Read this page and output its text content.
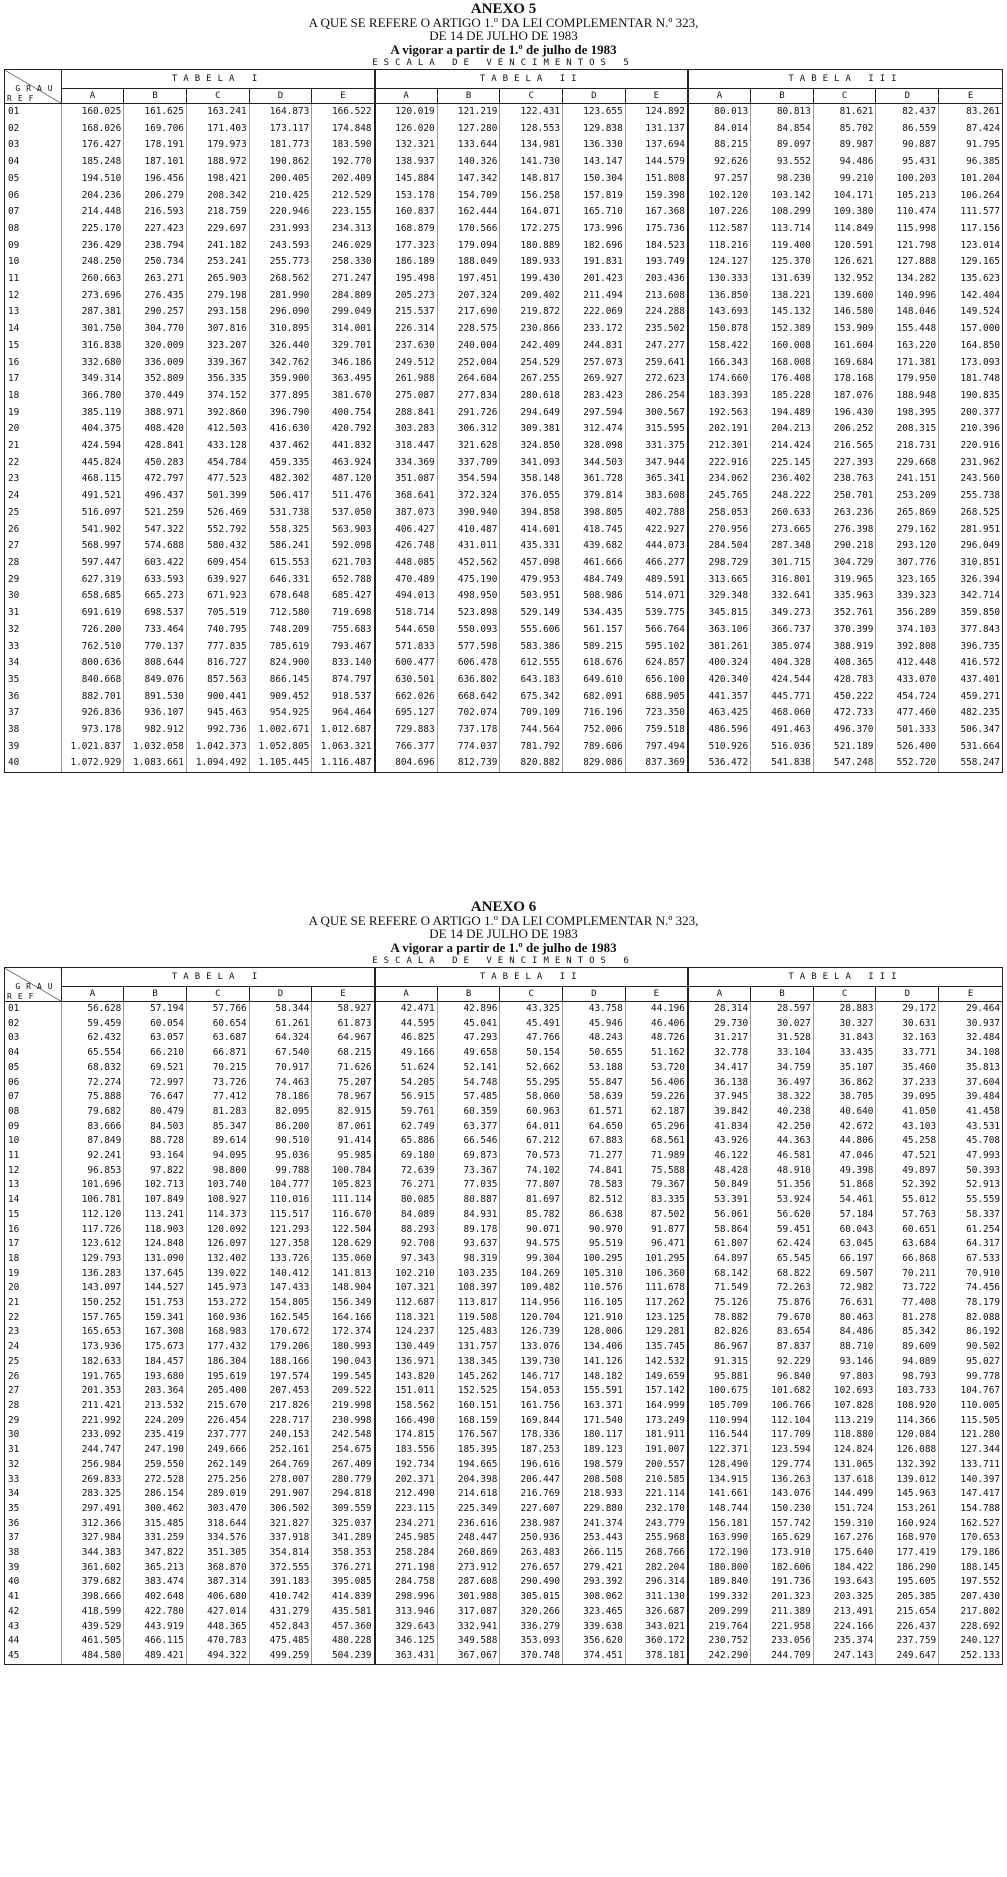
ANEXO 5
A QUE SE REFERE O ARTIGO 1.º DA LEI COMPLEMENTAR N.º 323,
DE 14 DE JULHO DE 1983
A vigorar a partir de 1.º de julho de 1983
ESCALA DE VENCIMENTOS 5
GRAU
REF	TABELA I					TABELA II					TABELA III				
	A	B	C	D	E	A	B	C	D	E	A	B	C	D	E
01	160.025	161.625	163.241	164.873	166.522	120.019	121.219	122.431	123.655	124.892	80.013	80.813	81.621	82.437	83.261
02	168.026	169.706	171.403	173.117	174.848	126.020	127.280	128.553	129.838	131.137	84.014	84.854	85.702	86.559	87.424
03	176.427	178.191	179.973	181.773	183.590	132.321	133.644	134.981	136.330	137.694	88.215	89.097	89.987	90.887	91.795
04	185.248	187.101	188.972	190.862	192.770	138.937	140.326	141.730	143.147	144.579	92.626	93.552	94.486	95.431	96.385
05	194.510	196.456	198.421	200.405	202.409	145.884	147.342	148.817	150.304	151.808	97.257	98.230	99.210	100.203	101.204
06	204.236	206.279	208.342	210.425	212.529	153.178	154.709	156.258	157.819	159.398	102.120	103.142	104.171	105.213	106.264
07	214.448	216.593	218.759	220.946	223.155	160.837	162.444	164.071	165.710	167.368	107.226	108.299	109.380	110.474	111.577
08	225.170	227.423	229.697	231.993	234.313	168.879	170.566	172.275	173.996	175.736	112.587	113.714	114.849	115.998	117.156
09	236.429	238.794	241.182	243.593	246.029	177.323	179.094	180.889	182.696	184.523	118.216	119.400	120.591	121.798	123.014
10	248.250	250.734	253.241	255.773	258.330	186.189	188.049	189.933	191.831	193.749	124.127	125.370	126.621	127.888	129.165
11	260.663	263.271	265.903	268.562	271.247	195.498	197.451	199.430	201.423	203.436	130.333	131.639	132.952	134.282	135.623
12	273.696	276.435	279.198	281.990	284.809	205.273	207.324	209.402	211.494	213.608	136.850	138.221	139.600	140.996	142.404
13	287.381	290.257	293.158	296.090	299.049	215.537	217.690	219.872	222.069	224.288	143.693	145.132	146.580	148.046	149.524
14	301.750	304.770	307.816	310.895	314.001	226.314	228.575	230.866	233.172	235.502	150.878	152.389	153.909	155.448	157.000
15	316.838	320.009	323.207	326.440	329.701	237.630	240.004	242.409	244.831	247.277	158.422	160.008	161.604	163.220	164.850
16	332.680	336.009	339.367	342.762	346.186	249.512	252.004	254.529	257.073	259.641	166.343	168.008	169.684	171.381	173.093
17	349.314	352.809	356.335	359.900	363.495	261.988	264.604	267.255	269.927	272.623	174.660	176.408	178.168	179.950	181.748
18	366.780	370.449	374.152	377.895	381.670	275.087	277.834	280.618	283.423	286.254	183.393	185.228	187.076	188.948	190.835
19	385.119	388.971	392.860	396.790	400.754	288.841	291.726	294.649	297.594	300.567	192.563	194.489	196.430	198.395	200.377
20	404.375	408.420	412.503	416.630	420.792	303.283	306.312	309.381	312.474	315.595	202.191	204.213	206.252	208.315	210.396
21	424.594	428.841	433.128	437.462	441.832	318.447	321.628	324.850	328.098	331.375	212.301	214.424	216.565	218.731	220.916
22	445.824	450.283	454.784	459.335	463.924	334.369	337.709	341.093	344.503	347.944	222.916	225.145	227.393	229.668	231.962
23	468.115	472.797	477.523	482.302	487.120	351.087	354.594	358.148	361.728	365.341	234.062	236.402	238.763	241.151	243.560
24	491.521	496.437	501.399	506.417	511.476	368.641	372.324	376.055	379.814	383.608	245.765	248.222	250.701	253.209	255.738
25	516.097	521.259	526.469	531.738	537.050	387.073	390.940	394.858	398.805	402.788	258.053	260.633	263.236	265.869	268.525
26	541.902	547.322	552.792	558.325	563.903	406.427	410.487	414.601	418.745	422.927	270.956	273.665	276.398	279.162	281.951
27	568.997	574.688	580.432	586.241	592.098	426.748	431.011	435.331	439.682	444.073	284.504	287.348	290.218	293.120	296.049
28	597.447	603.422	609.454	615.553	621.703	448.085	452.562	457.098	461.666	466.277	298.729	301.715	304.729	307.776	310.851
29	627.319	633.593	639.927	646.331	652.788	470.489	475.190	479.953	484.749	489.591	313.665	316.801	319.965	323.165	326.394
30	658.685	665.273	671.923	678.648	685.427	494.013	498.950	503.951	508.986	514.071	329.348	332.641	335.963	339.323	342.714
31	691.619	698.537	705.519	712.580	719.698	518.714	523.898	529.149	534.435	539.775	345.815	349.273	352.761	356.289	359.850
32	726.200	733.464	740.795	748.209	755.683	544.650	550.093	555.606	561.157	566.764	363.106	366.737	370.399	374.103	377.843
33	762.510	770.137	777.835	785.619	793.467	571.833	577.598	583.386	589.215	595.102	381.261	385.074	388.919	392.808	396.735
34	800.636	808.644	816.727	824.900	833.140	600.477	606.478	612.555	618.676	624.857	400.324	404.328	408.365	412.448	416.572
35	840.668	849.076	857.563	866.145	874.797	630.501	636.802	643.183	649.610	656.100	420.340	424.544	428.783	433.070	437.401
36	882.701	891.530	900.441	909.452	918.537	662.026	668.642	675.342	682.091	688.905	441.357	445.771	450.222	454.724	459.271
37	926.836	936.107	945.463	954.925	964.464	695.127	702.074	709.109	716.196	723.350	463.425	468.060	472.733	477.460	482.235
38	973.178	982.912	992.736	1.002.671	1.012.687	729.883	737.178	744.564	752.006	759.518	486.596	491.463	496.370	501.333	506.347
39	1.021.837	1.032.058	1.042.373	1.052.805	1.063.321	766.377	774.037	781.792	789.606	797.494	510.926	516.036	521.189	526.400	531.664
40	1.072.929	1.083.661	1.094.492	1.105.445	1.116.487	804.696	812.739	820.882	829.086	837.369	536.472	541.838	547.248	552.720	558.247
ANEXO 6
A QUE SE REFERE O ARTIGO 1.º DA LEI COMPLEMENTAR N.º 323,
DE 14 DE JULHO DE 1983
A vigorar a partir de 1.º de julho de 1983
ESCALA DE VENCIMENTOS 6
GRAU
REF	TABELA I					TABELA II					TABELA III				
	A	B	C	D	E	A	B	C	D	E	A	B	C	D	E
01	56.628	57.194	57.766	58.344	58.927	42.471	42.896	43.325	43.758	44.196	28.314	28.597	28.883	29.172	29.464
02	59.459	60.054	60.654	61.261	61.873	44.595	45.041	45.491	45.946	46.406	29.730	30.027	30.327	30.631	30.937
03	62.432	63.057	63.687	64.324	64.967	46.825	47.293	47.766	48.243	48.726	31.217	31.528	31.843	32.163	32.484
04	65.554	66.210	66.871	67.540	68.215	49.166	49.658	50.154	50.655	51.162	32.778	33.104	33.435	33.771	34.108
05	68.832	69.521	70.215	70.917	71.626	51.624	52.141	52.662	53.188	53.720	34.417	34.759	35.107	35.460	35.813
06	72.274	72.997	73.726	74.463	75.207	54.205	54.748	55.295	55.847	56.406	36.138	36.497	36.862	37.233	37.604
07	75.888	76.647	77.412	78.186	78.967	56.915	57.485	58.060	58.639	59.226	37.945	38.322	38.705	39.095	39.484
08	79.682	80.479	81.283	82.095	82.915	59.761	60.359	60.963	61.571	62.187	39.842	40.238	40.640	41.050	41.458
09	83.666	84.503	85.347	86.200	87.061	62.749	63.377	64.011	64.650	65.296	41.834	42.250	42.672	43.103	43.531
10	87.849	88.728	89.614	90.510	91.414	65.886	66.546	67.212	67.883	68.561	43.926	44.363	44.806	45.258	45.708
11	92.241	93.164	94.095	95.036	95.985	69.180	69.873	70.573	71.277	71.989	46.122	46.581	47.046	47.521	47.993
12	96.853	97.822	98.800	99.788	100.784	72.639	73.367	74.102	74.841	75.588	48.428	48.910	49.398	49.897	50.393
13	101.696	102.713	103.740	104.777	105.823	76.271	77.035	77.807	78.583	79.367	50.849	51.356	51.868	52.392	52.913
14	106.781	107.849	108.927	110.016	111.114	80.085	80.887	81.697	82.512	83.335	53.391	53.924	54.461	55.012	55.559
15	112.120	113.241	114.373	115.517	116.670	84.089	84.931	85.782	86.638	87.502	56.061	56.620	57.184	57.763	58.337
16	117.726	118.903	120.092	121.293	122.504	88.293	89.178	90.071	90.970	91.877	58.864	59.451	60.043	60.651	61.254
17	123.612	124.848	126.097	127.358	128.629	92.708	93.637	94.575	95.519	96.471	61.807	62.424	63.045	63.684	64.317
18	129.793	131.090	132.402	133.726	135.060	97.343	98.319	99.304	100.295	101.295	64.897	65.545	66.197	66.868	67.533
19	136.283	137.645	139.022	140.412	141.813	102.210	103.235	104.269	105.310	106.360	68.142	68.822	69.507	70.211	70.910
20	143.097	144.527	145.973	147.433	148.904	107.321	108.397	109.482	110.576	111.678	71.549	72.263	72.982	73.722	74.456
21	150.252	151.753	153.272	154.805	156.349	112.687	113.817	114.956	116.105	117.262	75.126	75.876	76.631	77.408	78.179
22	157.765	159.341	160.936	162.545	164.166	118.321	119.508	120.704	121.910	123.125	78.882	79.670	80.463	81.278	82.088
23	165.653	167.308	168.983	170.672	172.374	124.237	125.483	126.739	128.006	129.281	82.826	83.654	84.486	85.342	86.192
24	173.936	175.673	177.432	179.206	180.993	130.449	131.757	133.076	134.406	135.745	86.967	87.837	88.710	89.609	90.502
25	182.633	184.457	186.304	188.166	190.043	136.971	138.345	139.730	141.126	142.532	91.315	92.229	93.146	94.089	95.027
26	191.765	193.680	195.619	197.574	199.545	143.820	145.262	146.717	148.182	149.659	95.881	96.840	97.803	98.793	99.778
27	201.353	203.364	205.400	207.453	209.522	151.011	152.525	154.053	155.591	157.142	100.675	101.682	102.693	103.733	104.767
28	211.421	213.532	215.670	217.826	219.998	158.562	160.151	161.756	163.371	164.999	105.709	106.766	107.828	108.920	110.005
29	221.992	224.209	226.454	228.717	230.998	166.490	168.159	169.844	171.540	173.249	110.994	112.104	113.219	114.366	115.505
30	233.092	235.419	237.777	240.153	242.548	174.815	176.567	178.336	180.117	181.911	116.544	117.709	118.880	120.084	121.280
31	244.747	247.190	249.666	252.161	254.675	183.556	185.395	187.253	189.123	191.007	122.371	123.594	124.824	126.088	127.344
32	256.984	259.550	262.149	264.769	267.409	192.734	194.665	196.616	198.579	200.557	128.490	129.774	131.065	132.392	133.711
33	269.833	272.528	275.256	278.007	280.779	202.371	204.398	206.447	208.508	210.585	134.915	136.263	137.618	139.012	140.397
34	283.325	286.154	289.019	291.907	294.818	212.490	214.618	216.769	218.933	221.114	141.661	143.076	144.499	145.963	147.417
35	297.491	300.462	303.470	306.502	309.559	223.115	225.349	227.607	229.880	232.170	148.744	150.230	151.724	153.261	154.788
36	312.366	315.485	318.644	321.827	325.037	234.271	236.616	238.987	241.374	243.779	156.181	157.742	159.310	160.924	162.527
37	327.984	331.259	334.576	337.918	341.289	245.985	248.447	250.936	253.443	255.968	163.990	165.629	167.276	168.970	170.653
38	344.383	347.822	351.305	354.814	358.353	258.284	260.869	263.483	266.115	268.766	172.190	173.910	175.640	177.419	179.186
39	361.602	365.213	368.870	372.555	376.271	271.198	273.912	276.657	279.421	282.204	180.800	182.606	184.422	186.290	188.145
40	379.682	383.474	387.314	391.183	395.085	284.758	287.608	290.490	293.392	296.314	189.840	191.736	193.643	195.605	197.552
41	398.666	402.648	406.680	410.742	414.839	298.996	301.988	305.015	308.062	311.130	199.332	201.323	203.325	205.385	207.430
42	418.599	422.780	427.014	431.279	435.581	313.946	317.087	320.266	323.465	326.687	209.299	211.389	213.491	215.654	217.802
43	439.529	443.919	448.365	452.843	457.360	329.643	332.941	336.279	339.638	343.021	219.764	221.958	224.166	226.437	228.692
44	461.505	466.115	470.783	475.485	480.228	346.125	349.588	353.093	356.620	360.172	230.752	233.056	235.374	237.759	240.127
45	484.580	489.421	494.322	499.259	504.239	363.431	367.067	370.748	374.451	378.181	242.290	244.709	247.143	249.647	252.133
